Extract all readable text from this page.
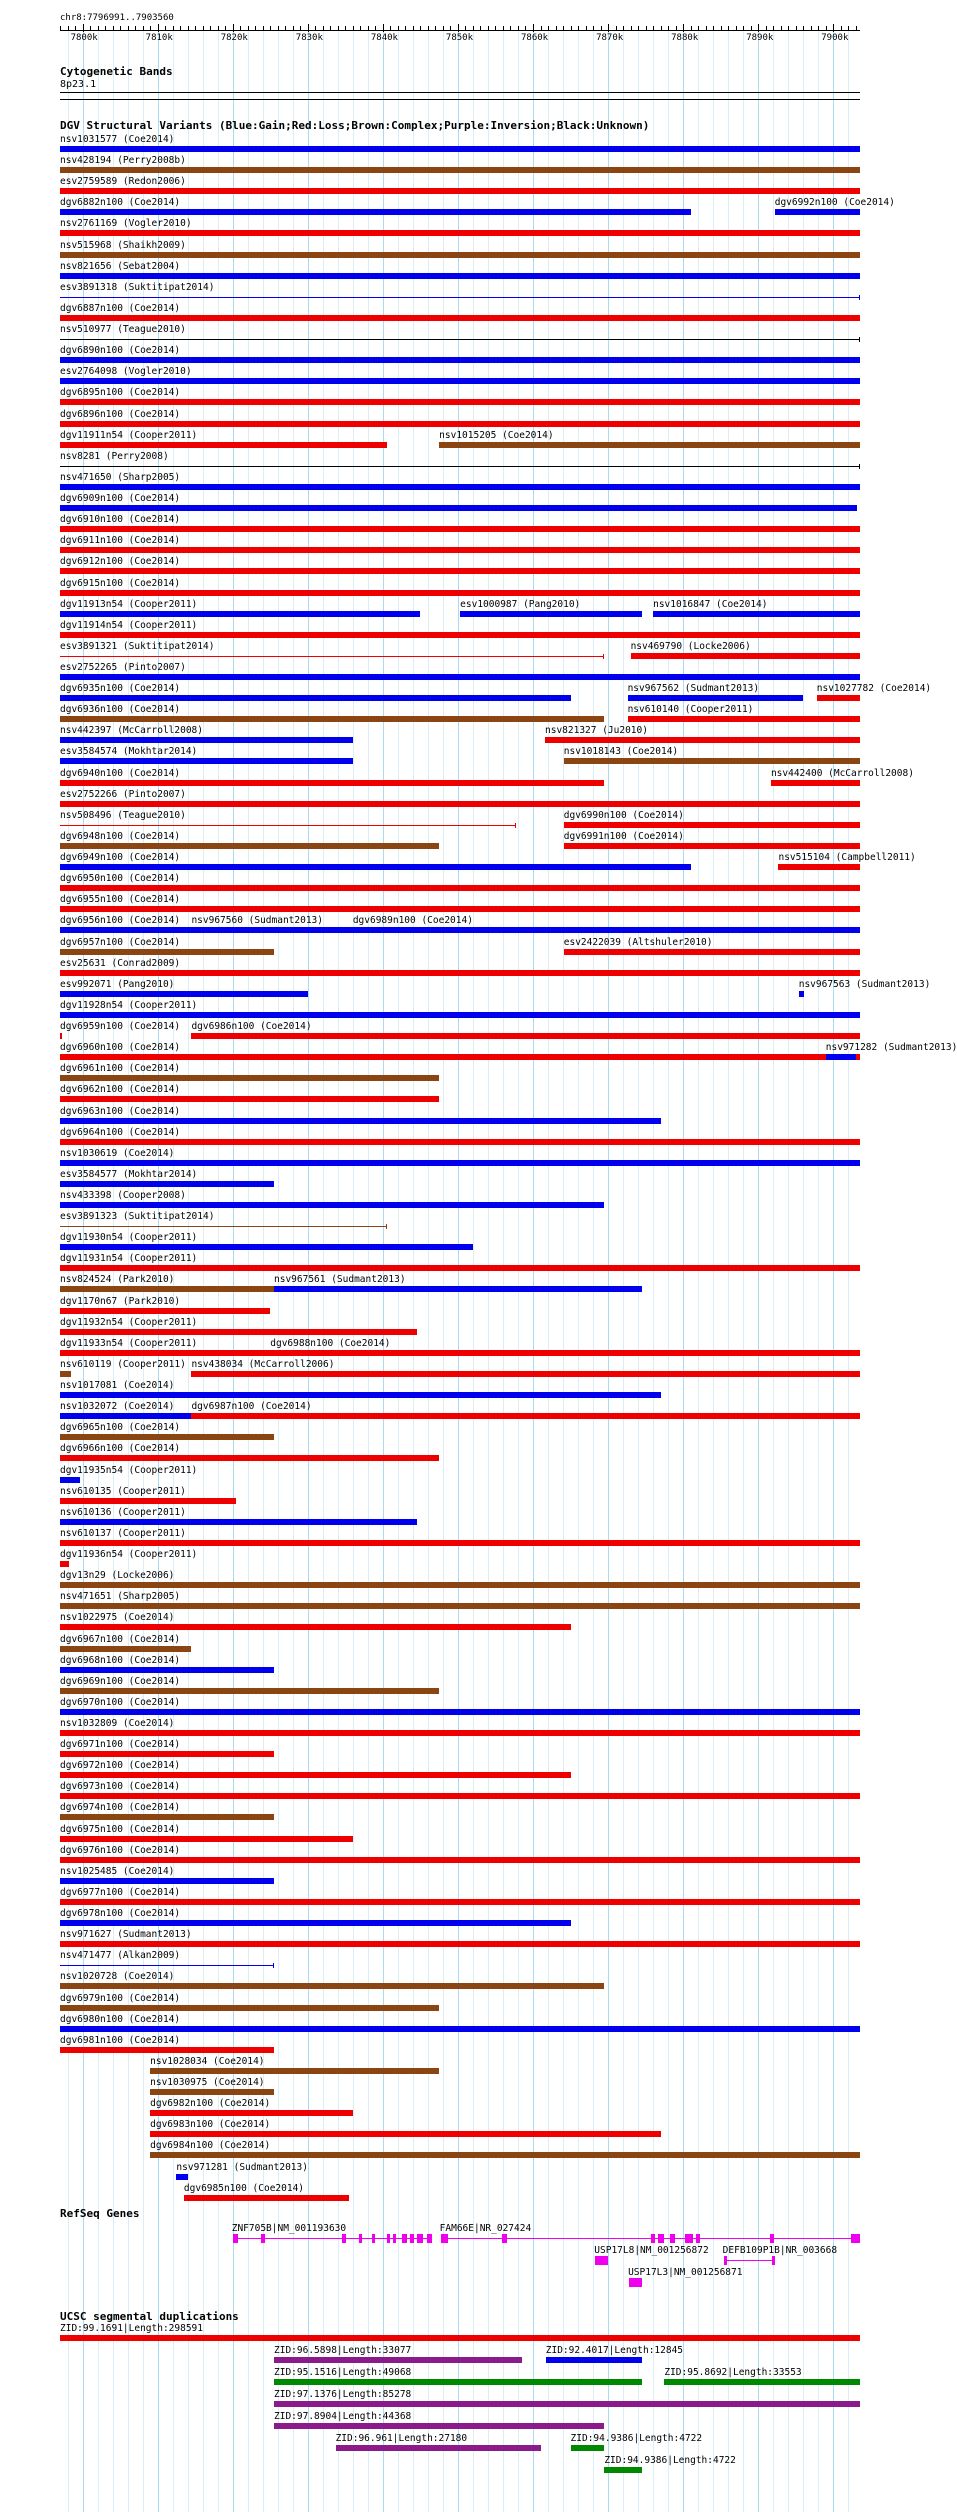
chr8:7796991..7903560
7800k	7810k	7820k	7830k	7840k	7850k	7860k	7870k	7880k	7890k	7900k
Cytogenetic Bands
8p23.1
DGV Structural Variants (Blue:Gain;Red:Loss;Brown:Complex;Purple:Inversion;Black:Unknown)
nsv1031577 (Coe2014)
nsv428194 (Perry2008b)
esv2759589 (Redon2006)
dgv6882n100 (Coe2014)	dgv6992n100 (Coe2014)
nsv2761169 (Vogler2010)
nsv515968 (Shaikh2009)
nsv821656 (Sebat2004)
esv3891318 (Suktitipat2014)
dgv6887n100 (Coe2014)
nsv510977 (Teague2010)
dgv6890n100 (Coe2014)
esv2764098 (Vogler2010)
dgv6895n100 (Coe2014)
dgv6896n100 (Coe2014)
dgv11911n54 (Cooper2011)	nsv1015205 (Coe2014)
nsv8281 (Perry2008)
nsv471650 (Sharp2005)
dgv6909n100 (Coe2014)
dgv6910n100 (Coe2014)
dgv6911n100 (Coe2014)
dgv6912n100 (Coe2014)
dgv6915n100 (Coe2014)
dgv11913n54 (Cooper2011)	esv1000987 (Pang2010)	nsv1016847 (Coe2014)
dgv11914n54 (Cooper2011)
esv3891321 (Suktitipat2014)	nsv469790 (Locke2006)
esv2752265 (Pinto2007)
dgv6935n100 (Coe2014)	nsv967562 (Sudmant2013)	nsv1027782 (Coe2014)
dgv6936n100 (Coe2014)	nsv610140 (Cooper2011)
nsv442397 (McCarroll2008)	nsv821327 (Ju2010)
esv3584574 (Mokhtar2014)	nsv1018143 (Coe2014)
dgv6940n100 (Coe2014)	nsv442400 (McCarroll2008)
esv2752266 (Pinto2007)
nsv508496 (Teague2010)	dgv6990n100 (Coe2014)
dgv6948n100 (Coe2014)	dgv6991n100 (Coe2014)
dgv6949n100 (Coe2014)	nsv515104 (Campbell2011)
dgv6950n100 (Coe2014)
dgv6955n100 (Coe2014)
dgv6956n100 (Coe2014) nsv967560 (Sudmant2013)	dgv6989n100 (Coe2014)
dgv6957n100 (Coe2014)	esv2422039 (Altshuler2010)
esv25631 (Conrad2009)
esv992071 (Pang2010)	nsv967563 (Sudmant2013)
dgv11928n54 (Cooper2011)
dgv6959n100 (Coe2014) dgv6986n100 (Coe2014)
dgv6960n100 (Coe2014)	nsv971282 (Sudmant2013)
dgv6961n100 (Coe2014)
dgv6962n100 (Coe2014)
dgv6963n100 (Coe2014)
dgv6964n100 (Coe2014)
nsv1030619 (Coe2014)
esv3584577 (Mokhtar2014)
nsv433398 (Cooper2008)
esv3891323 (Suktitipat2014)
dgv11930n54 (Cooper2011)
dgv11931n54 (Cooper2011)
nsv824524 (Park2010)	nsv967561 (Sudmant2013)
dgv1170n67 (Park2010)
dgv11932n54 (Cooper2011)
dgv11933n54 (Cooper2011)	dgv6988n100 (Coe2014)
nsv610119 (Cooper2011) nsv438034 (McCarroll2006)
nsv1017081 (Coe2014)
nsv1032072 (Coe2014) dgv6987n100 (Coe2014)
dgv6965n100 (Coe2014)
dgv6966n100 (Coe2014)
dgv11935n54 (Cooper2011)
nsv610135 (Cooper2011)
nsv610136 (Cooper2011)
nsv610137 (Cooper2011)
dgv11936n54 (Cooper2011)
dgv13n29 (Locke2006)
nsv471651 (Sharp2005)
nsv1022975 (Coe2014)
dgv6967n100 (Coe2014)
dgv6968n100 (Coe2014)
dgv6969n100 (Coe2014)
dgv6970n100 (Coe2014)
nsv1032809 (Coe2014)
dgv6971n100 (Coe2014)
dgv6972n100 (Coe2014)
dgv6973n100 (Coe2014)
dgv6974n100 (Coe2014)
dgv6975n100 (Coe2014)
dgv6976n100 (Coe2014)
nsv1025485 (Coe2014)
dgv6977n100 (Coe2014)
dgv6978n100 (Coe2014)
nsv971627 (Sudmant2013)
nsv471477 (Alkan2009)
nsv1020728 (Coe2014)
dgv6979n100 (Coe2014)
dgv6980n100 (Coe2014)
dgv6981n100 (Coe2014)
nsv1028034 (Coe2014)
nsv1030975 (Coe2014)
dgv6982n100 (Coe2014)
dgv6983n100 (Coe2014)
dgv6984n100 (Coe2014)
nsv971281 (Sudmant2013)
dgv6985n100 (Coe2014)
RefSeq Genes
ZNF705B|NM_001193630	FAM66E|NR_027424
USP17L8|NM_001256872 DEFB109P1B|NR_003668
USP17L3|NM_001256871
UCSC segmental duplications
ZID:99.1691|Length:298591
ZID:96.5898|Length:33077	ZID:92.4017|Length:12845
ZID:95.1516|Length:49068	ZID:95.8692|Length:33553
ZID:97.1376|Length:85278
ZID:97.8904|Length:44368
ZID:96.961|Length:27180	ZID:94.9386|Length:4722
ZID:94.9386|Length:4722
